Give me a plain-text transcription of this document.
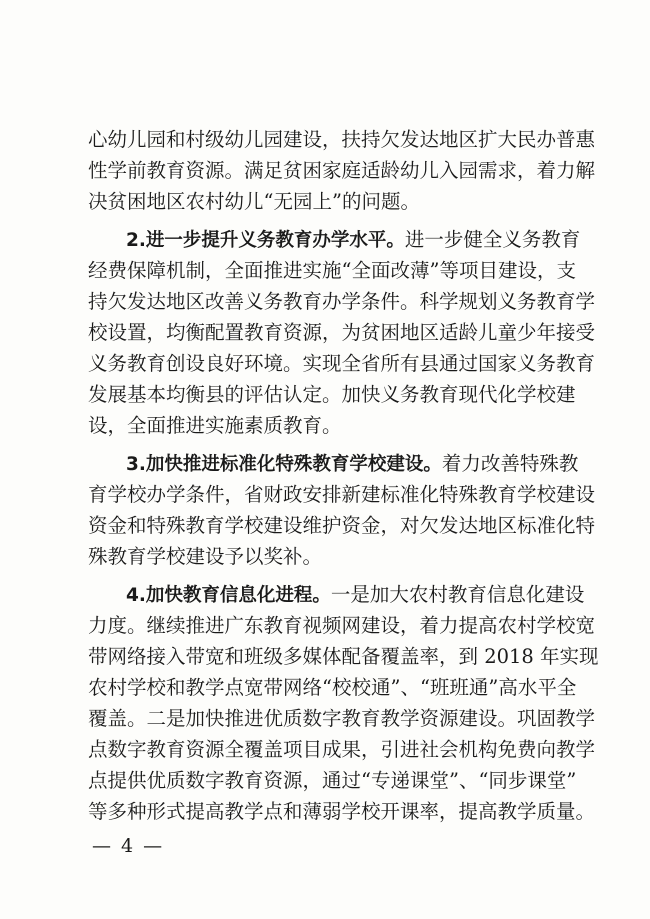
心幼儿园和村级幼儿园建设，扶持欠发达地区扩大民办普惠
性学前教育资源。满足贫困家庭适龄幼儿入园需求，着力解
决贫困地区农村幼儿“无园上”的问题。
2.进一步提升义务教育办学水平。进一步健全义务教育
经费保障机制，全面推进实施“全面改薄”等项目建设，支
持欠发达地区改善义务教育办学条件。科学规划义务教育学
校设置，均衡配置教育资源，为贫困地区适龄儿童少年接受
义务教育创设良好环境。实现全省所有县通过国家义务教育
发展基本均衡县的评估认定。加快义务教育现代化学校建
设，全面推进实施素质教育。
3.加快推进标准化特殊教育学校建设。着力改善特殊教
育学校办学条件，省财政安排新建标准化特殊教育学校建设
资金和特殊教育学校建设维护资金，对欠发达地区标准化特
殊教育学校建设予以奖补。
4.加快教育信息化进程。一是加大农村教育信息化建设
力度。继续推进广东教育视频网建设，着力提高农村学校宽
带网络接入带宽和班级多媒体配备覆盖率，到 2018 年实现
农村学校和教学点宽带网络“校校通”、“班班通”高水平全
覆盖。二是加快推进优质数字教育教学资源建设。巩固教学
点数字教育资源全覆盖项目成果，引进社会机构免费向教学
点提供优质数字教育资源，通过“专递课堂”、“同步课堂”
等多种形式提高教学点和薄弱学校开课率，提高教学质量。
— 4 —
